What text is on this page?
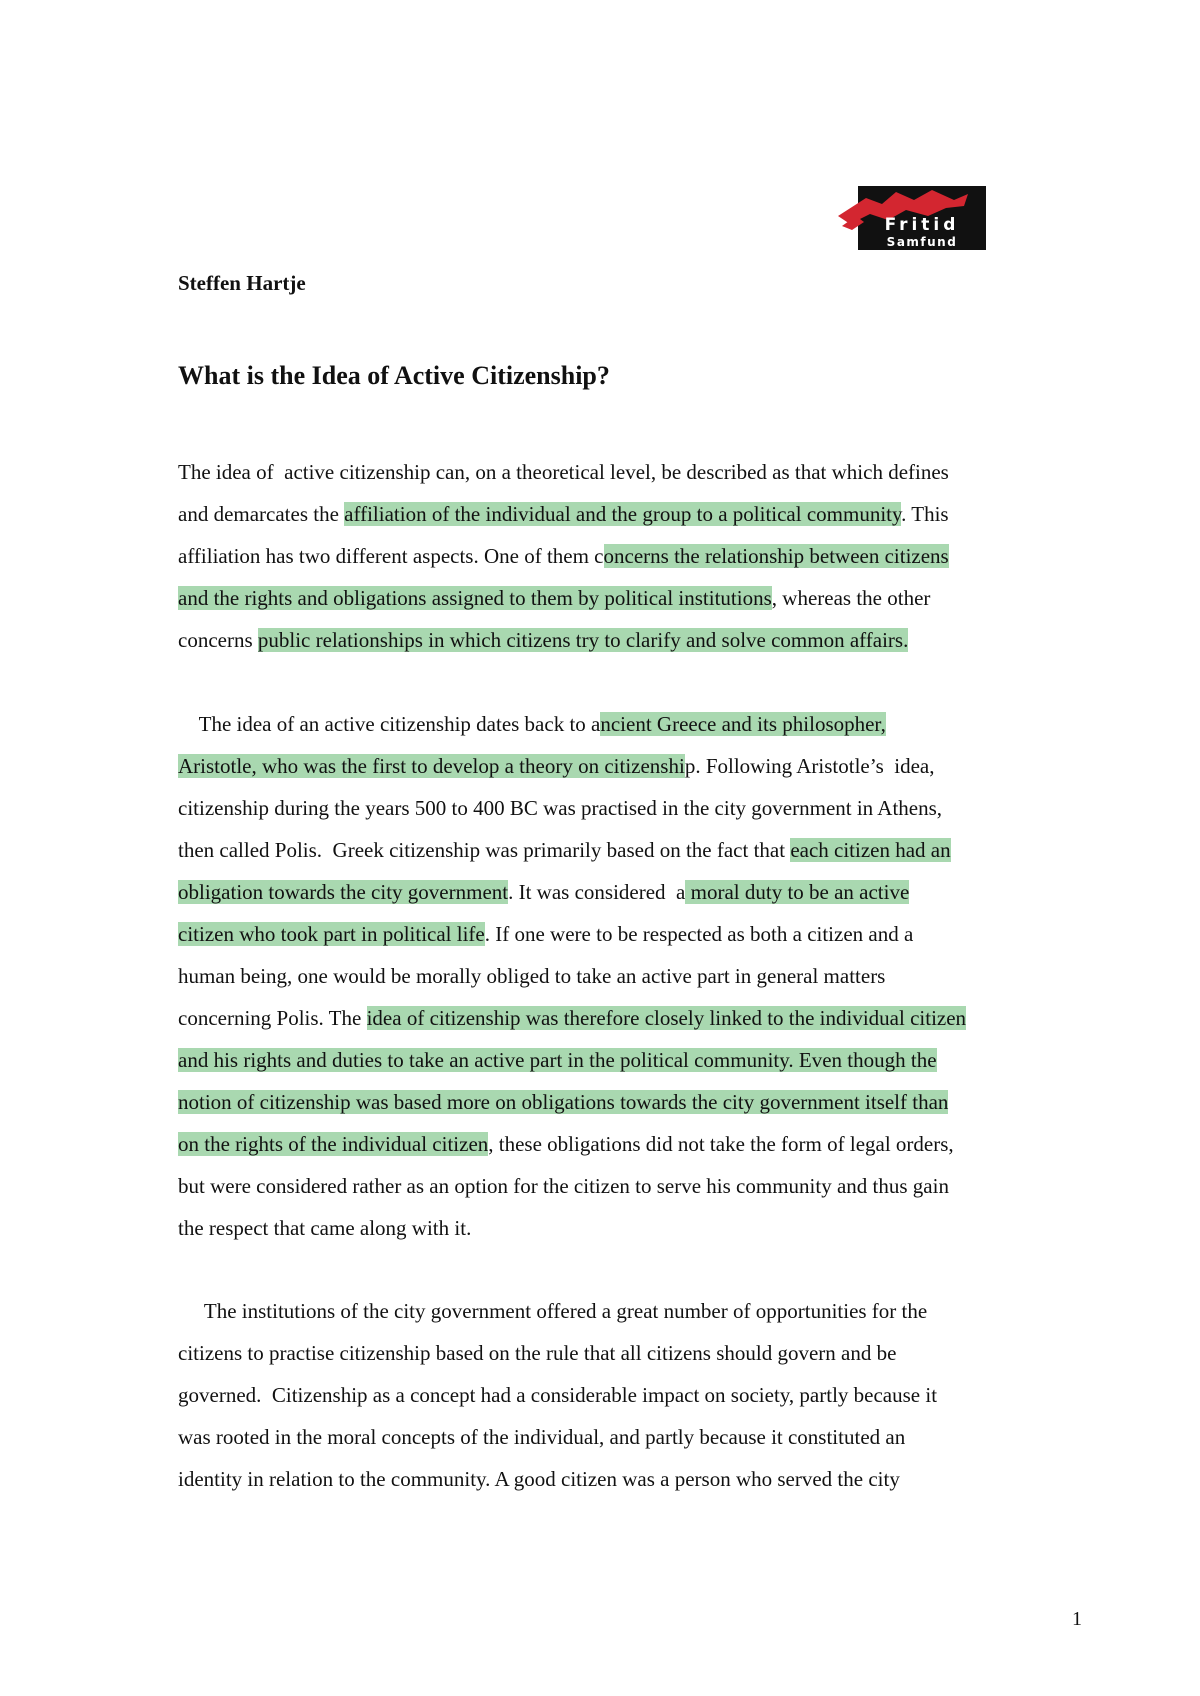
Fritid
Samfund

Steffen Hartje

What is the Idea of Active Citizenship?
The idea of  active citizenship can, on a theoretical level, be described as that which defines
and demarcates the affiliation of the individual and the group to a political community. This
affiliation has two different aspects. One of them concerns the relationship between citizens
and the rights and obligations assigned to them by political institutions, whereas the other
concerns public relationships in which citizens try to clarify and solve common affairs.
The idea of an active citizenship dates back to ancient Greece and its philosopher,
Aristotle, who was the first to develop a theory on citizenship. Following Aristotle’s  idea,
citizenship during the years 500 to 400 BC was practised in the city government in Athens,
then called Polis.  Greek citizenship was primarily based on the fact that each citizen had an
obligation towards the city government. It was considered  a moral duty to be an active
citizen who took part in political life. If one were to be respected as both a citizen and a
human being, one would be morally obliged to take an active part in general matters
concerning Polis. The idea of citizenship was therefore closely linked to the individual citizen
and his rights and duties to take an active part in the political community. Even though the
notion of citizenship was based more on obligations towards the city government itself than
on the rights of the individual citizen, these obligations did not take the form of legal orders,
but were considered rather as an option for the citizen to serve his community and thus gain
the respect that came along with it.
The institutions of the city government offered a great number of opportunities for the
citizens to practise citizenship based on the rule that all citizens should govern and be
governed.  Citizenship as a concept had a considerable impact on society, partly because it
was rooted in the moral concepts of the individual, and partly because it constituted an
identity in relation to the community. A good citizen was a person who served the city

1
